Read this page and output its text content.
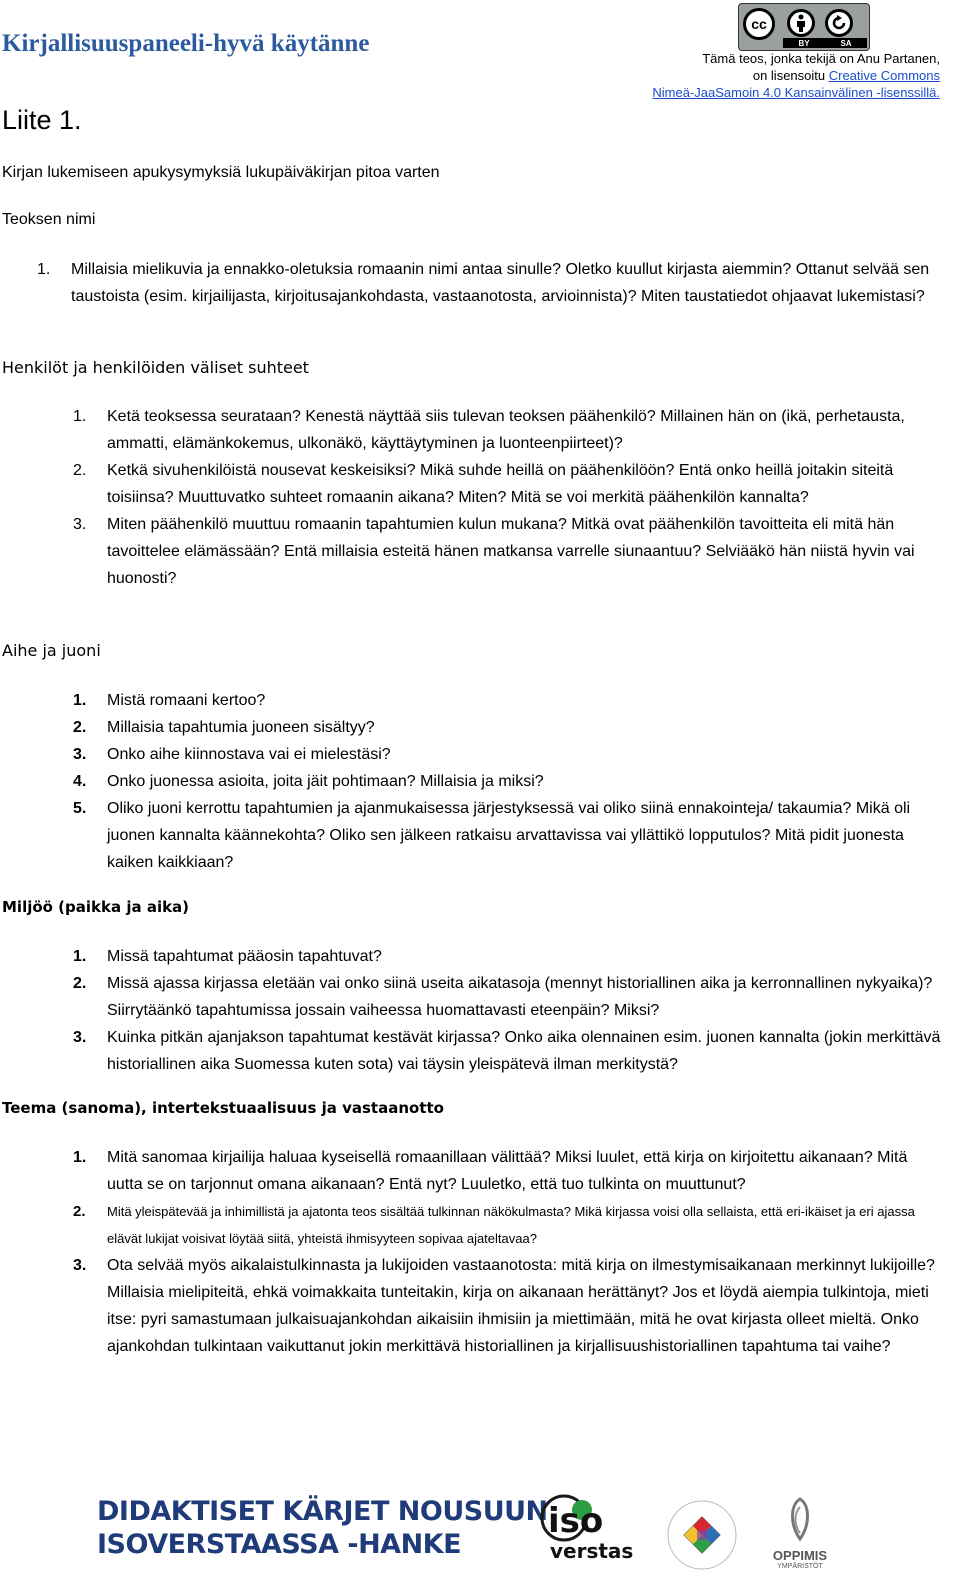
Kirjallisuuspaneeli-hyvä käytänne
Liite 1.
cc
BY	SA
Tämä teos, jonka tekijä on Anu Partanen,
on lisensoitu Creative Commons
Nimeä-JaaSamoin 4.0 Kansainvälinen -lisenssillä.
Kirjan lukemiseen apukysymyksiä lukupäiväkirjan pitoa varten
Teoksen nimi
1. Millaisia mielikuvia ja ennakko-oletuksia romaanin nimi antaa sinulle? Oletko kuullut kirjasta aiemmin? Ottanut selvää sen taustoista (esim. kirjailijasta, kirjoitusajankohdasta, vastaanotosta, arvioinnista)? Miten taustatiedot ohjaavat lukemistasi?
Henkilöt ja henkilöiden väliset suhteet
1. Ketä teoksessa seurataan? Kenestä näyttää siis tulevan teoksen päähenkilö? Millainen hän on (ikä, perhetausta, ammatti, elämänkokemus, ulkonäkö, käyttäytyminen ja luonteenpiirteet)?
2. Ketkä sivuhenkilöistä nousevat keskeisiksi? Mikä suhde heillä on päähenkilöön? Entä onko heillä joitakin siteitä toisiinsa? Muuttuvatko suhteet romaanin aikana? Miten? Mitä se voi merkitä päähenkilön kannalta?
3. Miten päähenkilö muuttuu romaanin tapahtumien kulun mukana? Mitkä ovat päähenkilön tavoitteita eli mitä hän tavoittelee elämässään? Entä millaisia esteitä hänen matkansa varrelle siunaantuu? Selviääkö hän niistä hyvin vai huonosti?
Aihe ja juoni
1. Mistä romaani kertoo?
2. Millaisia tapahtumia juoneen sisältyy?
3. Onko aihe kiinnostava vai ei mielestäsi?
4. Onko juonessa asioita, joita jäit pohtimaan? Millaisia ja miksi?
5. Oliko juoni kerrottu tapahtumien ja ajanmukaisessa järjestyksessä vai oliko siinä ennakointeja/ takaumia? Mikä oli juonen kannalta käännekohta? Oliko sen jälkeen ratkaisu arvattavissa vai yllättikö lopputulos? Mitä pidit juonesta kaiken kaikkiaan?
Miljöö (paikka ja aika)
1. Missä tapahtumat pääosin tapahtuvat?
2. Missä ajassa kirjassa eletään vai onko siinä useita aikatasoja (mennyt historiallinen aika ja kerronnallinen nykyaika)? Siirrytäänkö tapahtumissa jossain vaiheessa huomattavasti eteenpäin? Miksi?
3. Kuinka pitkän ajanjakson tapahtumat kestävät kirjassa? Onko aika olennainen esim. juonen kannalta (jokin merkittävä historiallinen aika Suomessa kuten sota) vai täysin yleispätevä ilman merkitystä?
Teema (sanoma), intertekstuaalisuus ja vastaanotto
1. Mitä sanomaa kirjailija haluaa kyseisellä romaanillaan välittää? Miksi luulet, että kirja on kirjoitettu aikanaan? Mitä uutta se on tarjonnut omana aikanaan? Entä nyt? Luuletko, että tuo tulkinta on muuttunut?
2. Mitä yleispätevää ja inhimillistä ja ajatonta teos sisältää tulkinnan näkökulmasta? Mikä kirjassa voisi olla sellaista, että eri-ikäiset ja eri ajassa elävät lukijat voisivat löytää siitä, yhteistä ihmisyyteen sopivaa ajateltavaa?
3. Ota selvää myös aikalaistulkinnasta ja lukijoiden vastaanotosta: mitä kirja on ilmestymisaikanaan merkinnyt lukijoille? Millaisia mielipiteitä, ehkä voimakkaita tunteitakin, kirja on aikanaan herättänyt? Jos et löydä aiempia tulkintoja, mieti itse: pyri samastumaan julkaisuajankohdan aikaisiin ihmisiin ja miettimään, mitä he ovat kirjasta olleet mieltä. Onko ajankohdan tulkintaan vaikuttanut jokin merkittävä historiallinen ja kirjallisuushistoriallinen tapahtuma tai vaihe?
DIDAKTISET KÄRJET NOUSUUN
ISOVERSTAASSA -HANKE
iso
verstas	OPPIMIS
YMPÄRISTÖT
